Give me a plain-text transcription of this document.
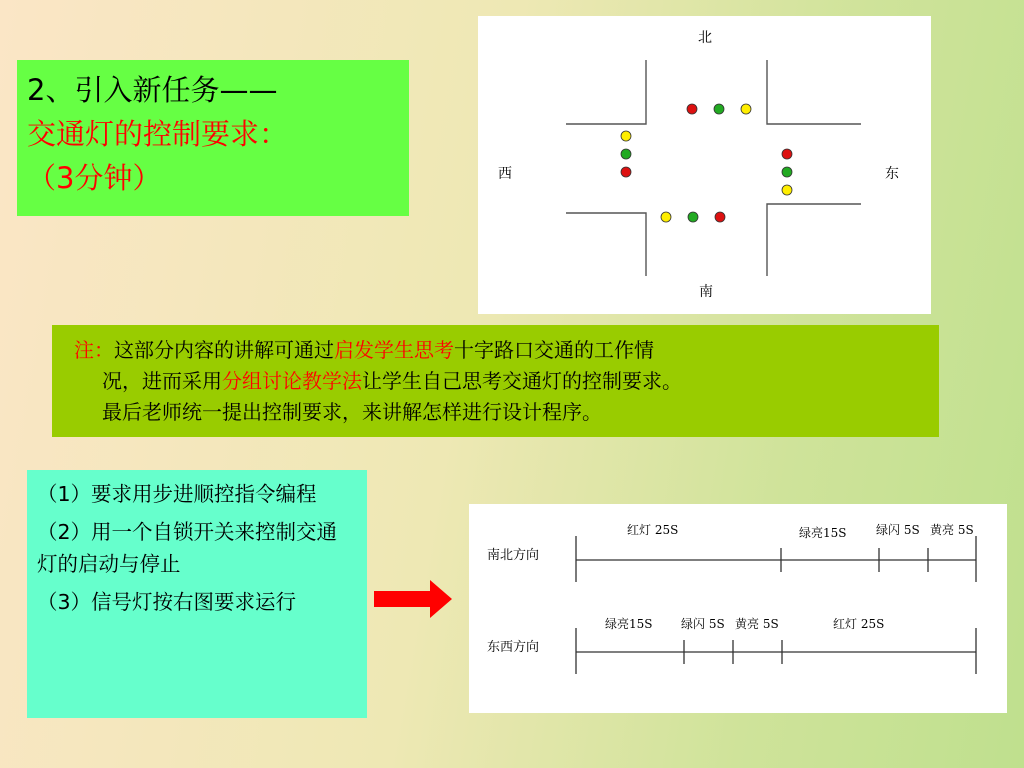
2、引入新任务——
交通灯的控制要求：
（3分钟）
北
南
西	东
注：这部分内容的讲解可通过启发学生思考十字路口交通的工作情
况，进而采用分组讨论教学法让学生自己思考交通灯的控制要求。
最后老师统一提出控制要求，来讲解怎样进行设计程序。

（1）要求用步进顺控指令编程

（2）用一个自锁开关来控制交通灯的启动与停止

（3）信号灯按右图要求运行

南北方向
东西方向
红灯 25S	绿亮15S 绿闪 5S 黄亮 5S
绿亮15S 绿闪 5S 黄亮 5S	红灯 25S
